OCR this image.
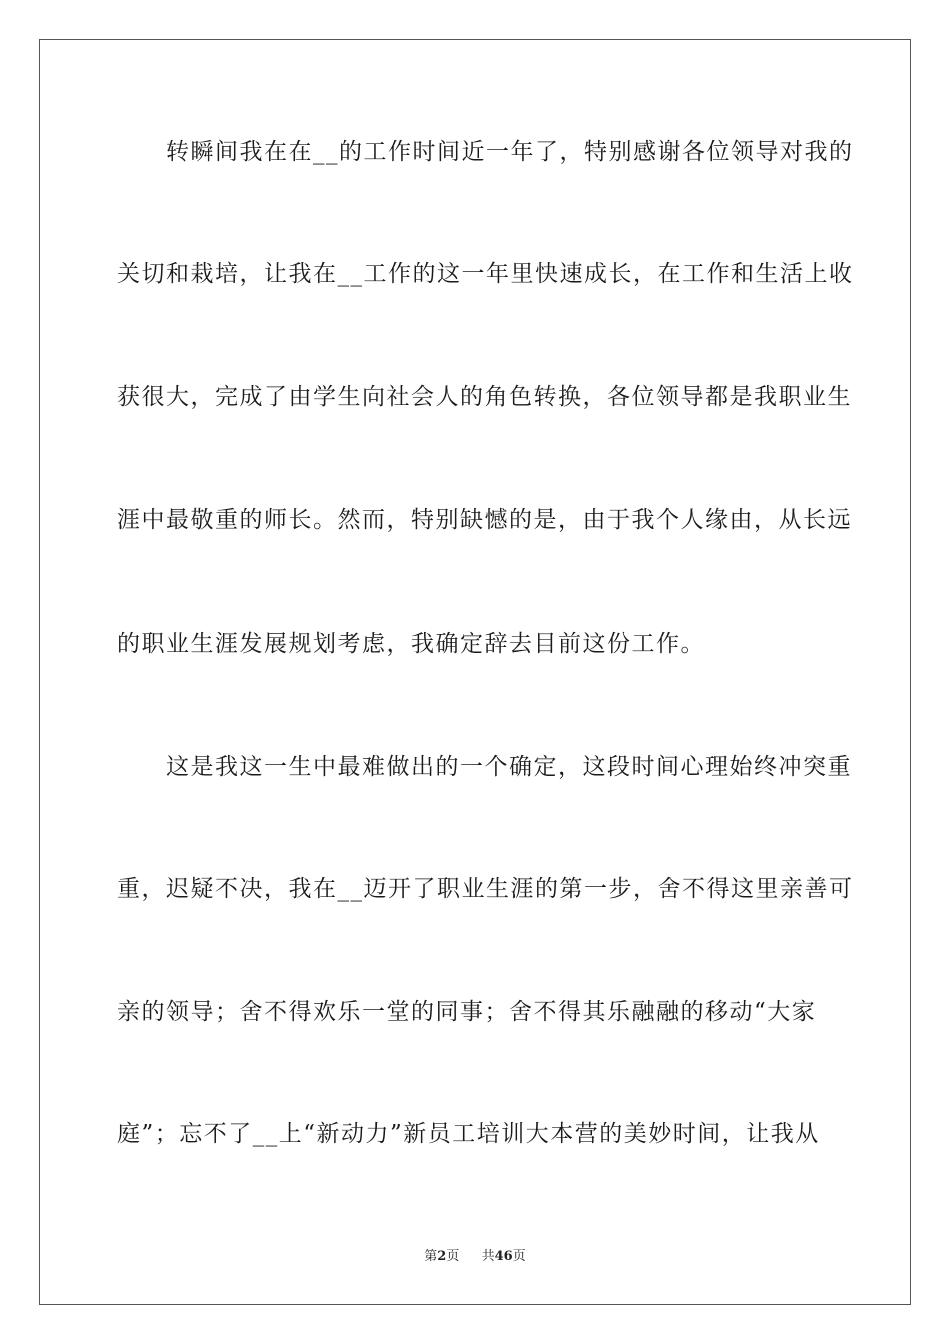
转瞬间我在在__的工作时间近一年了，特别感谢各位领导对我的
关切和栽培，让我在__工作的这一年里快速成长，在工作和生活上收
获很大，完成了由学生向社会人的角色转换，各位领导都是我职业生
涯中最敬重的师长。然而，特别缺憾的是，由于我个人缘由，从长远
的职业生涯发展规划考虑，我确定辞去目前这份工作。
这是我这一生中最难做出的一个确定，这段时间心理始终冲突重
重，迟疑不决，我在__迈开了职业生涯的第一步，舍不得这里亲善可
亲的领导；舍不得欢乐一堂的同事；舍不得其乐融融的移动“大家
庭”；忘不了__上“新动力”新员工培训大本营的美妙时间，让我从
第2页 共46页
